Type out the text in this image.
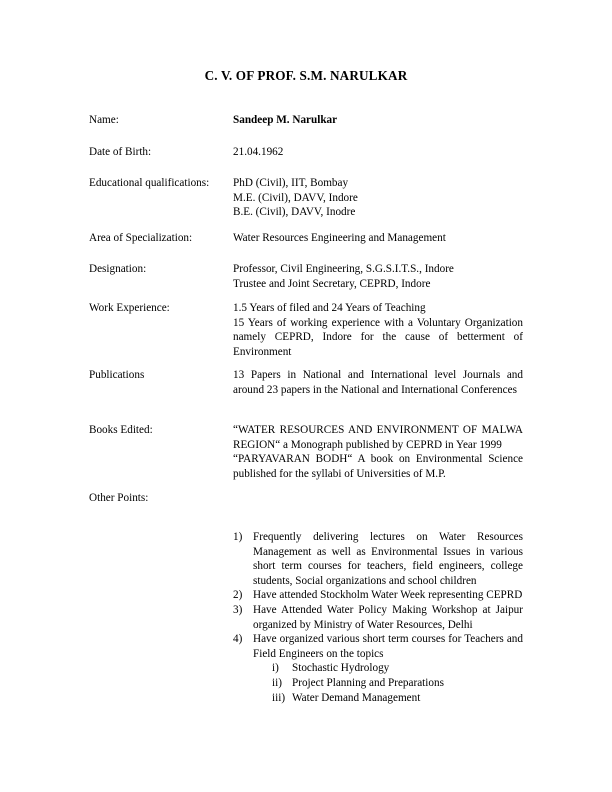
C. V. OF PROF. S.M. NARULKAR
Name:	Sandeep M. Narulkar
Date of Birth:	21.04.1962
Educational qualifications:	PhD (Civil), IIT, Bombay
M.E. (Civil), DAVV, Indore
B.E. (Civil), DAVV, Inodre
Area of Specialization:	Water Resources Engineering and Management
Designation:	Professor, Civil Engineering, S.G.S.I.T.S., Indore
Trustee and Joint Secretary, CEPRD, Indore
Work Experience:	1.5 Years of filed and 24 Years of Teaching

15 Years of working experience with a Voluntary Organization namely CEPRD, Indore for the cause of betterment of Environment

Publications	13 Papers in National and International level Journals and around 23 papers in the National and International Conferences

Books Edited:	“WATER RESOURCES AND ENVIRONMENT OF MALWA REGION“ a Monograph published by CEPRD in Year 1999

“PARYAVARAN BODH“ A book on Environmental Science published for the syllabi of Universities of M.P.

Other Points:

1) Frequently delivering lectures on Water Resources Management as well as Environmental Issues in various short term courses for teachers, field engineers, college students, Social organizations and school children

2) Have attended Stockholm Water Week representing CEPRD

3) Have Attended Water Policy Making Workshop at Jaipur organized by Ministry of Water Resources, Delhi

4) Have organized various short term courses for Teachers and Field Engineers on the topics

i) Stochastic Hydrology

ii) Project Planning and Preparations

iii) Water Demand Management
